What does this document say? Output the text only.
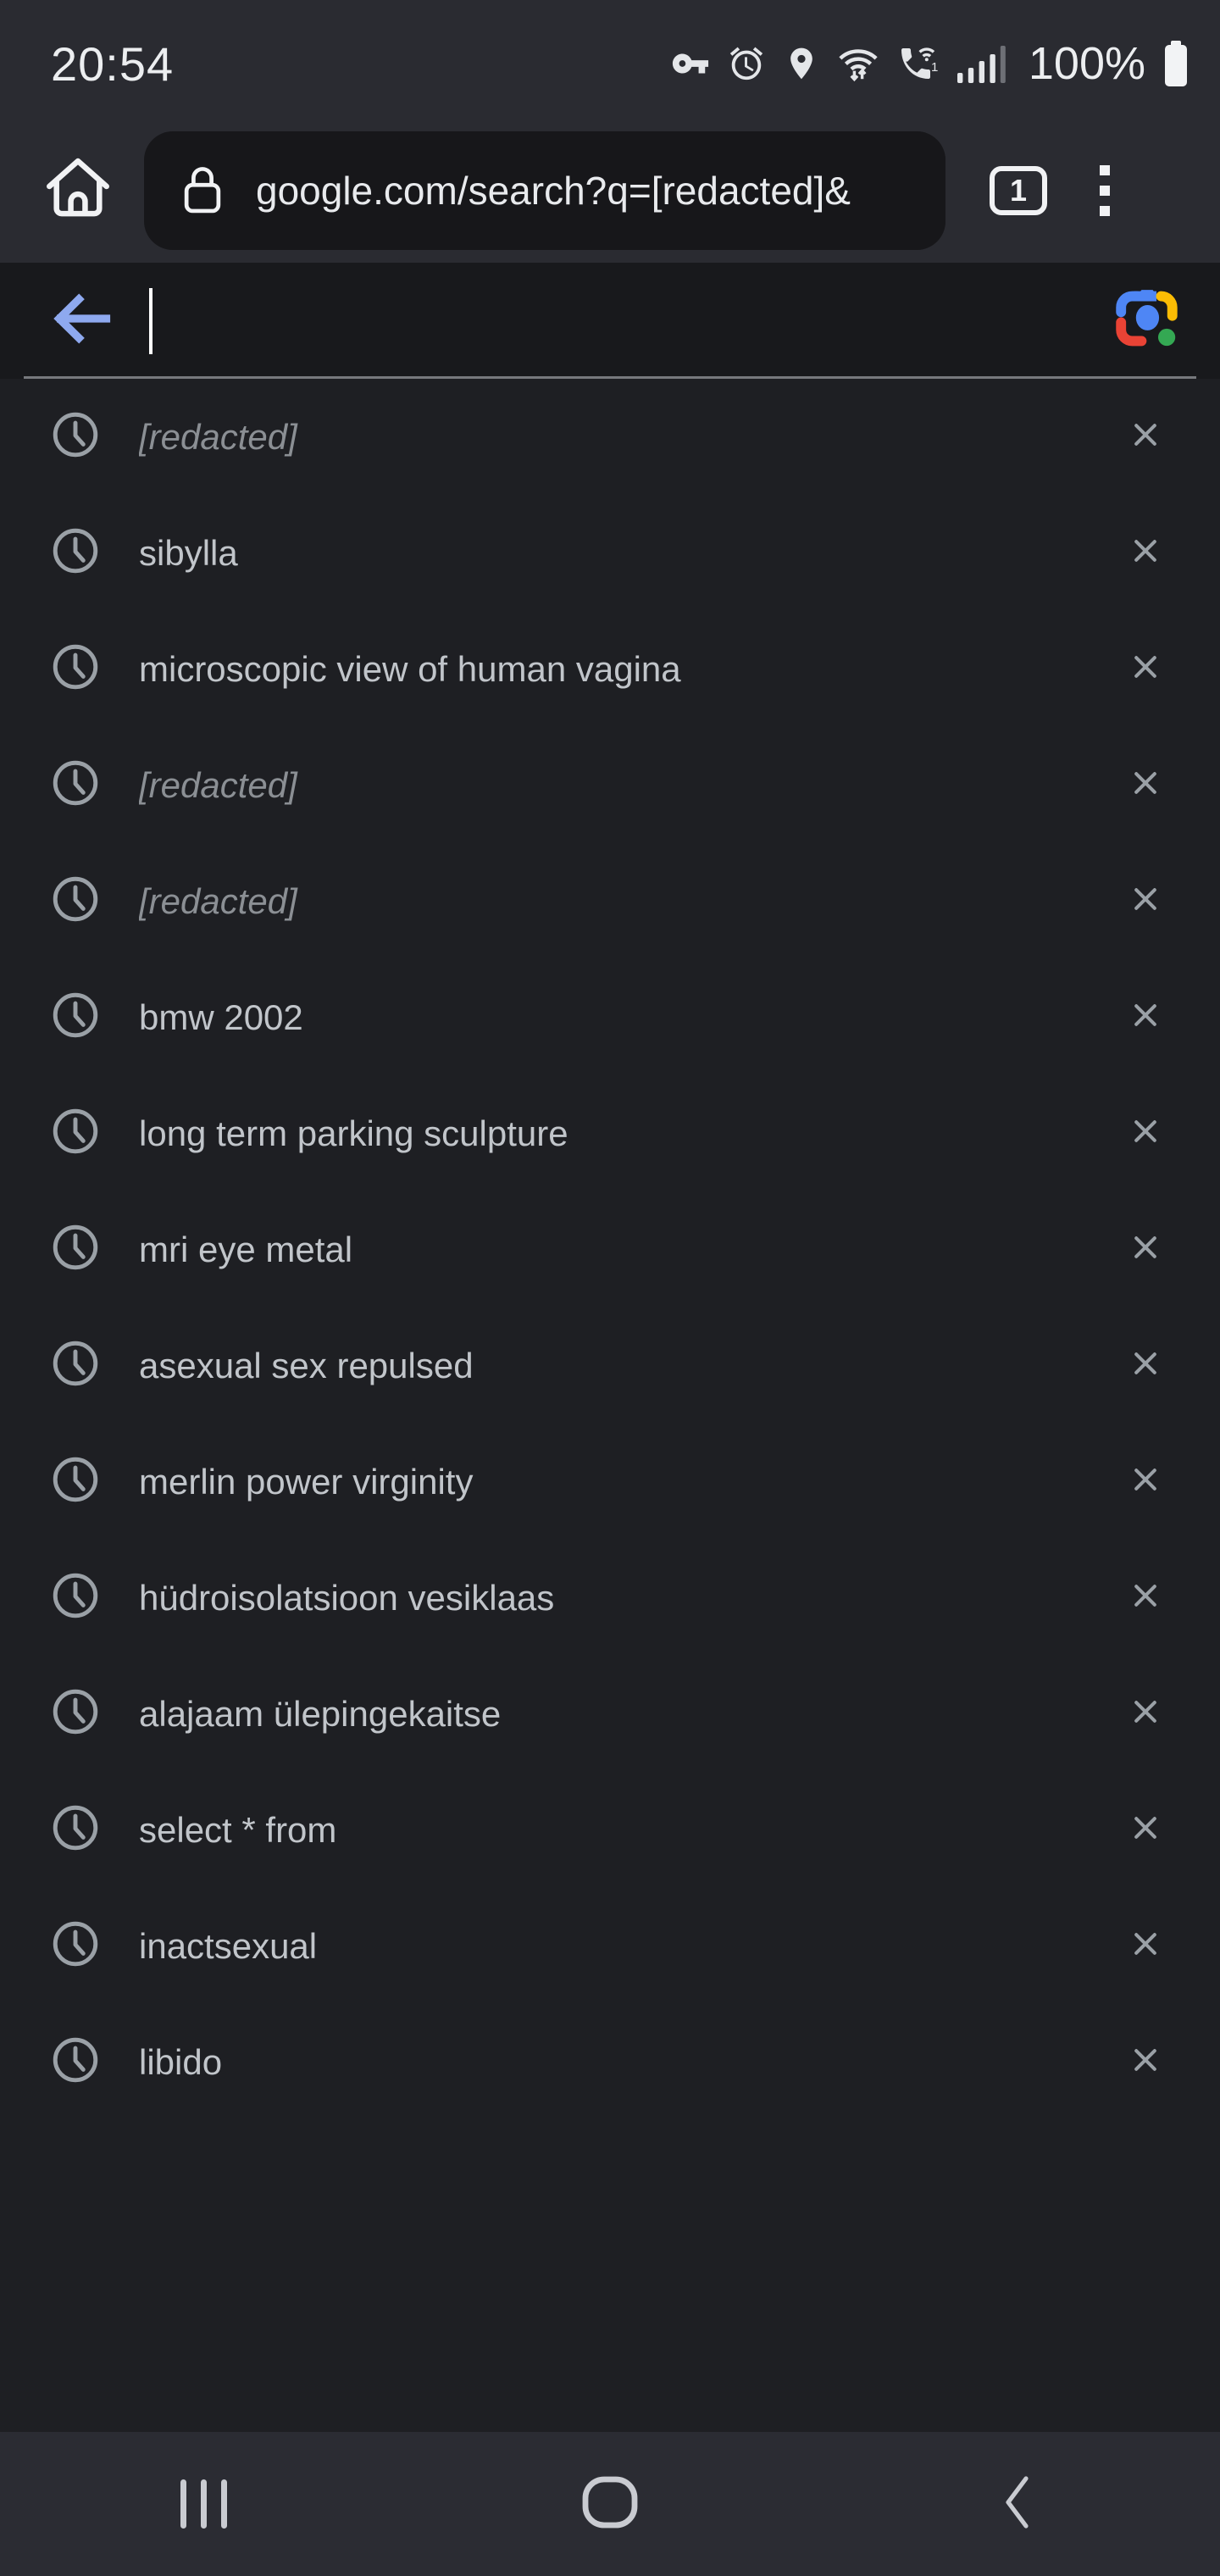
20:54	1 100%
google.com/search?q=[redacted]&	1
[redacted]
sibylla
microscopic view of human vagina
[redacted]
[redacted]
bmw 2002
long term parking sculpture
mri eye metal
asexual sex repulsed
merlin power virginity
hüdroisolatsioon vesiklaas
alajaam ülepingekaitse
select * from
inactsexual
libido
